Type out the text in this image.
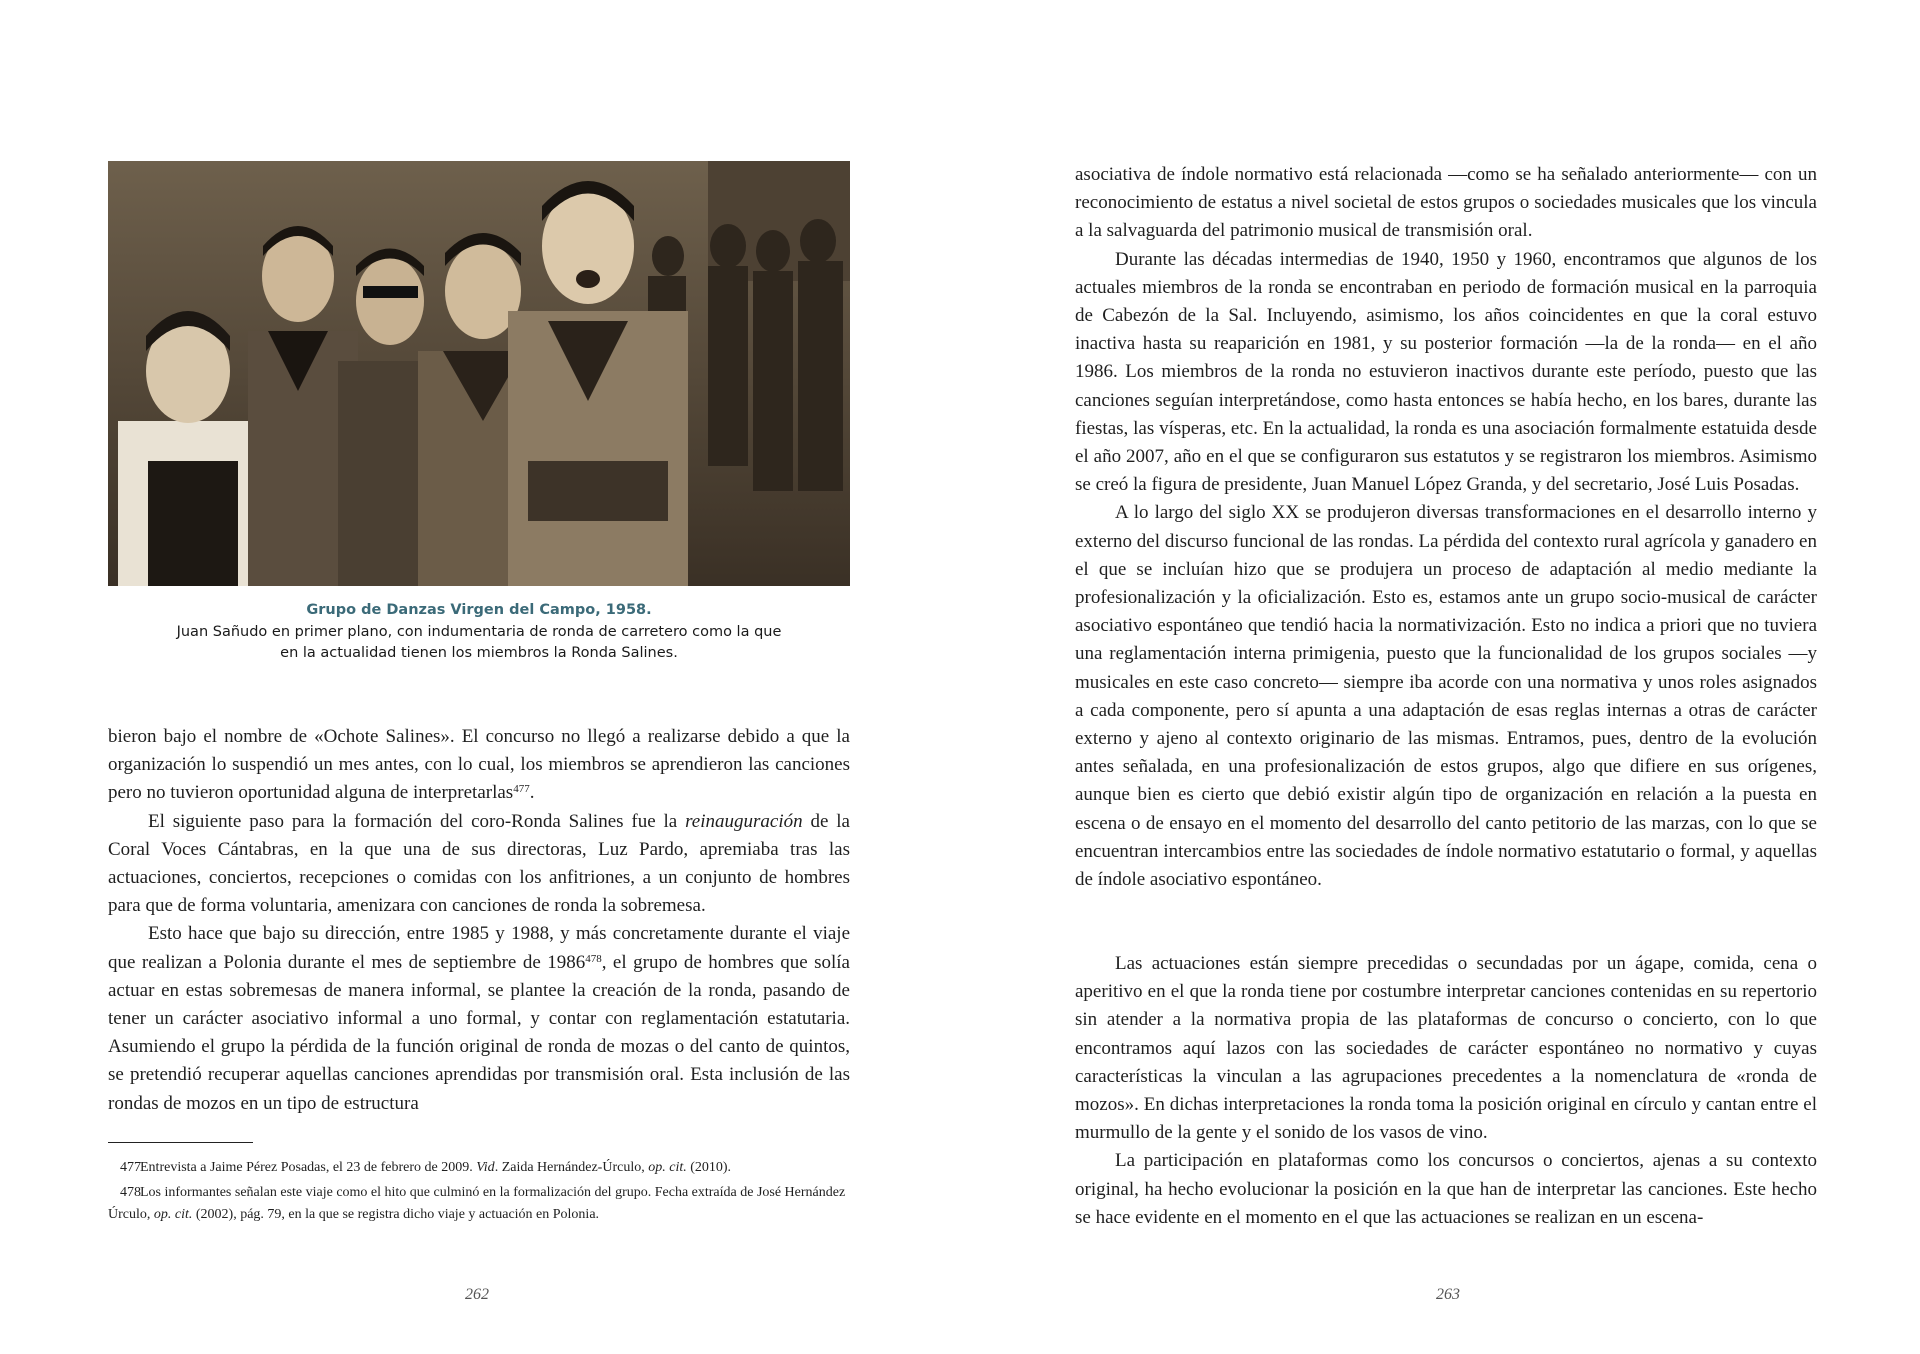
Grupo de Danzas Virgen del Campo, 1958.
Juan Sañudo en primer plano, con indumentaria de ronda de carretero como la que
en la actualidad tienen los miembros la Ronda Salines.

bieron bajo el nombre de «Ochote Salines». El concurso no llegó a realizarse debido a que la organización lo suspendió un mes antes, con lo cual, los miembros se aprendieron las canciones pero no tuvieron oportunidad alguna de interpretarlas$^{477}$.

El siguiente paso para la formación del coro-Ronda Salines fue la reinauguración de la Coral Voces Cántabras, en la que una de sus directoras, Luz Pardo, apremiaba tras las actuaciones, conciertos, recepciones o comidas con los anfitriones, a un conjunto de hombres para que de forma voluntaria, amenizara con canciones de ronda la sobremesa.

Esto hace que bajo su dirección, entre 1985 y 1988, y más concretamente durante el viaje que realizan a Polonia durante el mes de septiembre de 1986$^{478}$, el grupo de hombres que solía actuar en estas sobremesas de manera informal, se plantee la creación de la ronda, pasando de tener un carácter asociativo informal a uno formal, y contar con reglamentación estatutaria. Asumiendo el grupo la pérdida de la función original de ronda de mozas o del canto de quintos, se pretendió recuperar aquellas canciones aprendidas por transmisión oral. Esta inclusión de las rondas de mozos en un tipo de estructura

477Entrevista a Jaime Pérez Posadas, el 23 de febrero de 2009. Vid. Zaida Hernández-Úrculo, op. cit. (2010).

478Los informantes señalan este viaje como el hito que culminó en la formalización del grupo. Fecha extraída de José Hernández Úrculo, op. cit. (2002), pág. 79, en la que se registra dicho viaje y actuación en Polonia.

262

asociativa de índole normativo está relacionada —como se ha señalado anteriormente— con un reconocimiento de estatus a nivel societal de estos grupos o sociedades musicales que los vincula a la salvaguarda del patrimonio musical de transmisión oral.

Durante las décadas intermedias de 1940, 1950 y 1960, encontramos que algunos de los actuales miembros de la ronda se encontraban en periodo de formación musical en la parroquia de Cabezón de la Sal. Incluyendo, asimismo, los años coincidentes en que la coral estuvo inactiva hasta su reaparición en 1981, y su posterior formación —la de la ronda— en el año 1986. Los miembros de la ronda no estuvieron inactivos durante este período, puesto que las canciones seguían interpretándose, como hasta entonces se había hecho, en los bares, durante las fiestas, las vísperas, etc. En la actualidad, la ronda es una asociación formalmente estatuida desde el año 2007, año en el que se configuraron sus estatutos y se registraron los miembros. Asimismo se creó la figura de presidente, Juan Manuel López Granda, y del secretario, José Luis Posadas.

A lo largo del siglo XX se produjeron diversas transformaciones en el desarrollo interno y externo del discurso funcional de las rondas. La pérdida del contexto rural agrícola y ganadero en el que se incluían hizo que se produjera un proceso de adaptación al medio mediante la profesionalización y la oficialización. Esto es, estamos ante un grupo socio-musical de carácter asociativo espontáneo que tendió hacia la normativización. Esto no indica a priori que no tuviera una reglamentación interna primigenia, puesto que la funcionalidad de los grupos sociales —y musicales en este caso concreto— siempre iba acorde con una normativa y unos roles asignados a cada componente, pero sí apunta a una adaptación de esas reglas internas a otras de carácter externo y ajeno al contexto originario de las mismas. Entramos, pues, dentro de la evolución antes señalada, en una profesionalización de estos grupos, algo que difiere en sus orígenes, aunque bien es cierto que debió existir algún tipo de organización en relación a la puesta en escena o de ensayo en el momento del desarrollo del canto petitorio de las marzas, con lo que se encuentran intercambios entre las sociedades de índole normativo estatutario o formal, y aquellas de índole asociativo espontáneo.

Las actuaciones están siempre precedidas o secundadas por un ágape, comida, cena o aperitivo en el que la ronda tiene por costumbre interpretar canciones contenidas en su repertorio sin atender a la normativa propia de las plataformas de concurso o concierto, con lo que encontramos aquí lazos con las sociedades de carácter espontáneo no normativo y cuyas características la vinculan a las agrupaciones precedentes a la nomenclatura de «ronda de mozos». En dichas interpretaciones la ronda toma la posición original en círculo y cantan entre el murmullo de la gente y el sonido de los vasos de vino.

La participación en plataformas como los concursos o conciertos, ajenas a su contexto original, ha hecho evolucionar la posición en la que han de interpretar las canciones. Este hecho se hace evidente en el momento en el que las actuaciones se realizan en un escena-

263
